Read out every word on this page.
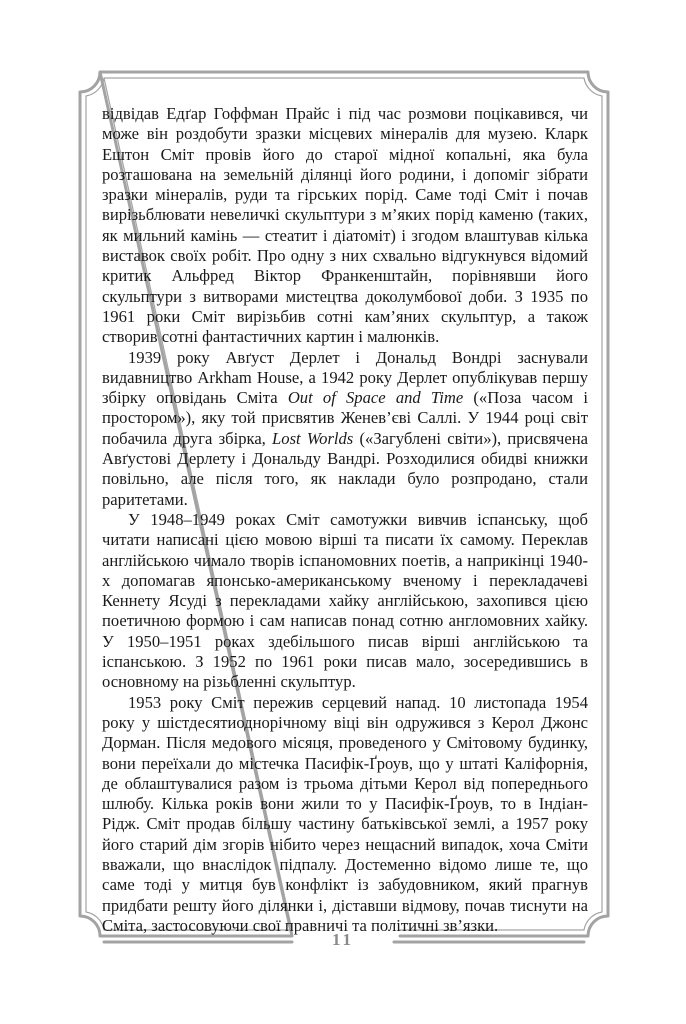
відвідав Едґар Гоффман Прайс і під час розмови поцікавився, чи може він роздобути зразки місцевих мінералів для музею. Кларк Ештон Сміт провів його до старої мідної копальні, яка була розташована на земельній ділянці його родини, і допоміг зібрати зразки мінералів, руди та гірських порід. Саме тоді Сміт і почав вирізьблювати невеличкі скульптури з м’яких порід каменю (таких, як мильний камінь — стеатит і діатоміт) і згодом влаштував кілька виставок своїх робіт. Про одну з них схвально відгукнувся відомий критик Альфред Віктор Франкенштайн, порівнявши його скульптури з витворами мистецтва доколумбової доби. З 1935 по 1961 роки Сміт вирізьбив сотні кам’яних скульптур, а також створив сотні фантастичних картин і малюнків.

1939 року Авґуст Дерлет і Дональд Вондрі заснували видавництво Arkham House, а 1942 року Дерлет опублікував першу збірку оповідань Сміта Out of Space and Time («Поза часом і простором»), яку той присвятив Женев’єві Саллі. У 1944 році світ побачила друга збірка, Lost Worlds («Загублені світи»), присвячена Авґустові Дерлету і Дональду Вандрі. Розходилися обидві книжки повільно, але після того, як наклади було розпродано, стали раритетами.

У 1948–1949 роках Сміт самотужки вивчив іспанську, щоб читати написані цією мовою вірші та писати їх самому. Переклав англійською чимало творів іспаномовних поетів, а наприкінці 1940-х допомагав японсько-американському вченому і перекладачеві Кеннету Ясуді з перекладами хайку англійською, захопився цією поетичною формою і сам написав понад сотню англомовних хайку. У 1950–1951 роках здебільшого писав вірші англійською та іспанською. З 1952 по 1961 роки писав мало, зосередившись в основному на різьбленні скульптур.

1953 року Сміт пережив серцевий напад. 10 листопада 1954 року у шістдесятиоднорічному віці він одружився з Керол Джонс Дорман. Після медового місяця, проведеного у Смітовому будинку, вони переїхали до містечка Пасифік-Ґроув, що у штаті Каліфорнія, де облаштувалися разом із трьома дітьми Керол від попереднього шлюбу. Кілька років вони жили то у Пасифік-Ґроув, то в Індіан-Рідж. Сміт продав більшу частину батьківської землі, а 1957 року його старий дім згорів нібито через нещасний випадок, хоча Сміти вважали, що внаслідок підпалу. Достеменно відомо лише те, що саме тоді у митця був конфлікт із забудовником, який прагнув придбати решту його ділянки і, діставши відмову, почав тиснути на Сміта, застосовуючи свої правничі та політичні зв’язки.

11
